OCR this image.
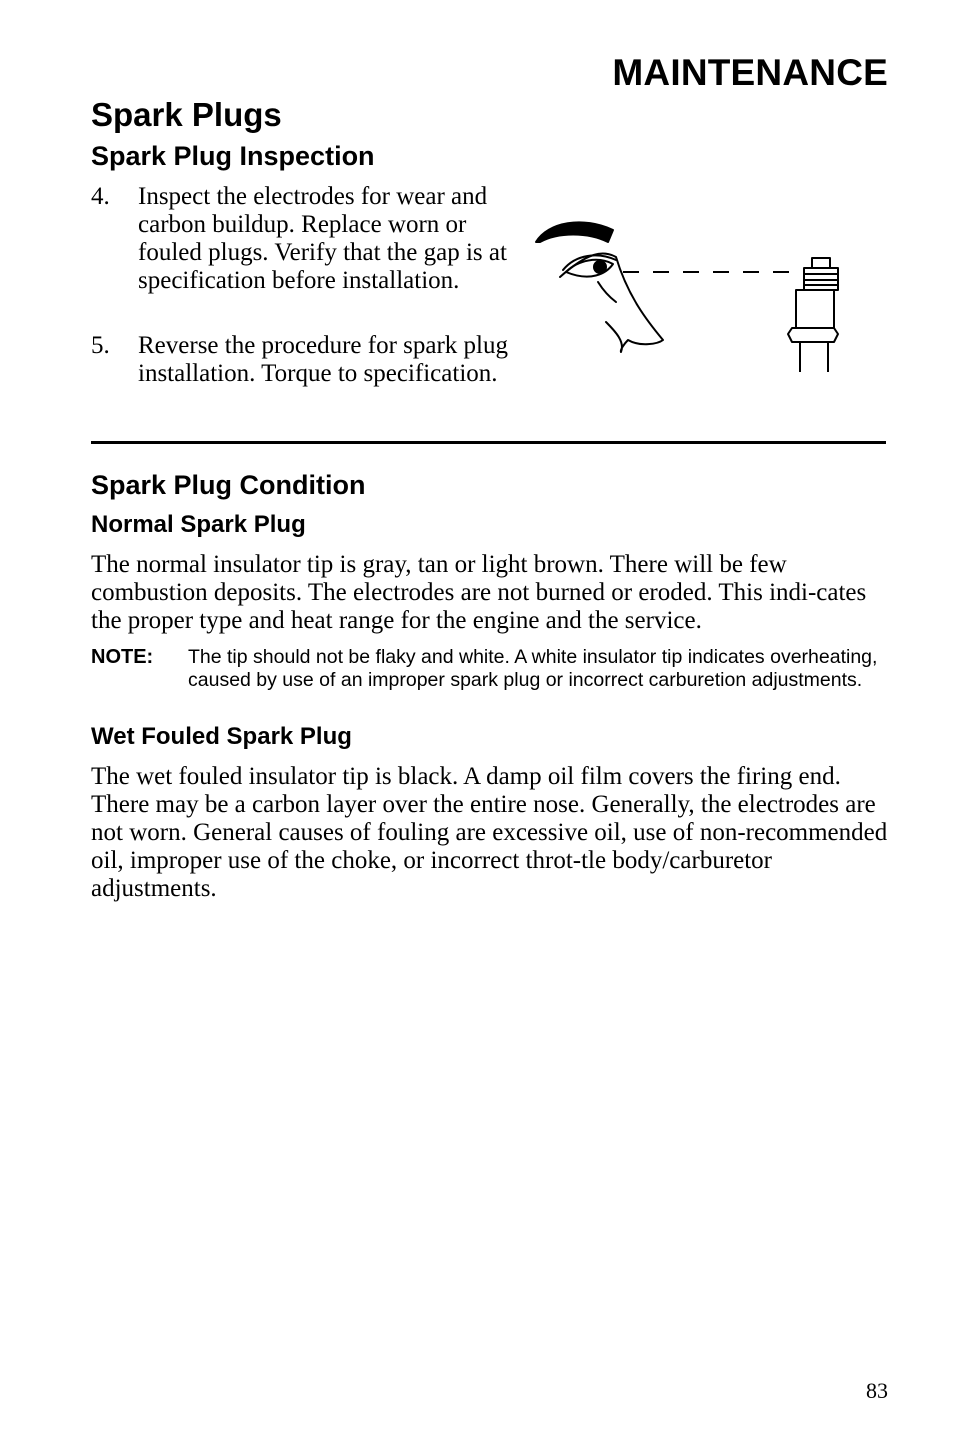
MAINTENANCE
Spark Plugs
Spark Plug Inspection
4. Inspect the electrodes for wear and carbon buildup. Replace worn or fouled plugs. Verify that the gap is at specification before installation.
5. Reverse the procedure for spark plug installation. Torque to specification.
Spark Plug Condition
Normal Spark Plug
The normal insulator tip is gray, tan or light brown. There will be few combustion deposits. The electrodes are not burned or eroded. This indi-cates the proper type and heat range for the engine and the service.
NOTE: The tip should not be flaky and white. A white insulator tip indicates overheating, caused by use of an improper spark plug or incorrect carburetion adjustments.
Wet Fouled Spark Plug
The wet fouled insulator tip is black. A damp oil film covers the firing end. There may be a carbon layer over the entire nose. Generally, the electrodes are not worn. General causes of fouling are excessive oil, use of non-recommended oil, improper use of the choke, or incorrect throt-tle body/carburetor adjustments.
83
